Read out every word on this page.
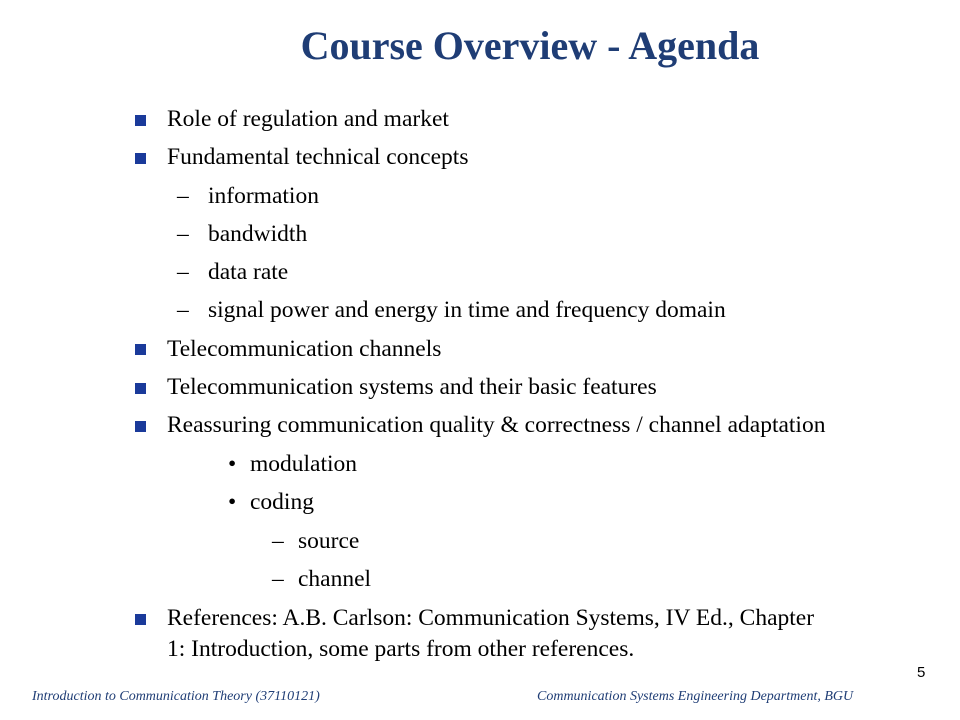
Course Overview - Agenda
Role of regulation and market
Fundamental technical concepts
– information
– bandwidth
– data rate
– signal power and energy in time and frequency domain
Telecommunication channels
Telecommunication systems and their basic features
Reassuring communication quality & correctness / channel adaptation
• modulation
• coding
– source
– channel
References: A.B. Carlson: Communication Systems, IV Ed., Chapter
1: Introduction, some parts from other references.
5
Introduction to Communication Theory (37110121)	Communication Systems Engineering Department, BGU
